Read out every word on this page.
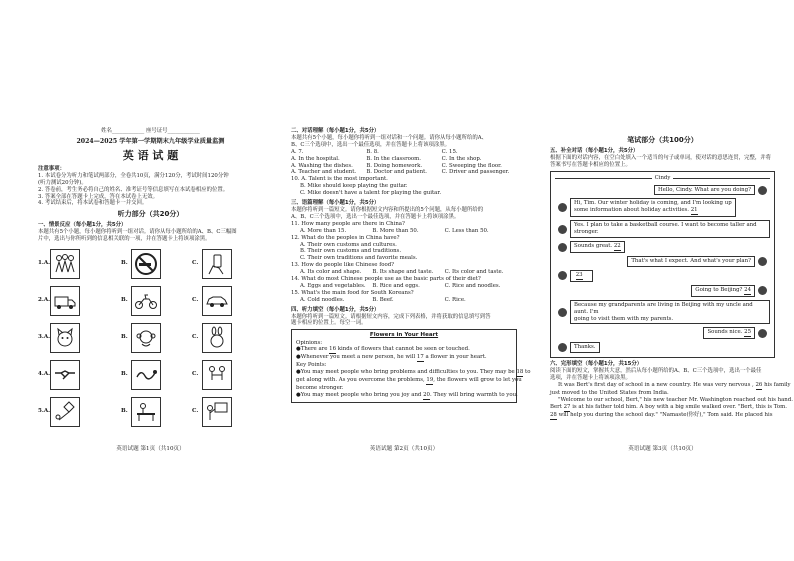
姓名____________ 座号证号____________
2024—2025 学年第一学期期末九年级学业质量监测
英 语 试 题
注意事项：
1. 本试卷分为听力和笔试两部分，全卷共10页，满分120分，考试时间120分钟
(听力测试20分钟)。
2. 答卷前，考生务必将自己的姓名、准考证号等信息填写在本试卷相应的位置。
3. 答案全部在答题卡上完成，答在本试卷上无效。
4. 考试结束后，将本试卷和答题卡一并交回。
听力部分（共20分）
一、情景反应（每小题1分，共5分）
本题共有5个小题，每小题你将听到一组对话。请你从每小题所给的A、B、C三幅图
片中，选出与你所听到的信息相关联的一项，并在答题卡上将该项涂黑。
1.A.	B.	C.
2.A.	B.	C.
3.A.	B.	C.
4.A.	B.	C.
5.A.	B.	C.
英语试题 第1页（共10页）
二、对话理解（每小题1分，共5分）
本题共有5个小题，每小题你将听到一组对话和一个问题。请你从每小题所给的A、
B、C三个选项中，选出一个最佳选项，并在答题卡上将该项涂黑。
A. 7.	B. 8.	C. 15.
A. In the hospital.	B. In the classroom.	C. In the shop.
A. Washing the dishes.	B. Doing homework.	C. Sweeping the floor.
A. Teacher and student.	B. Doctor and patient.	C. Driver and passenger.
10. A. Talent is the most important.
B. Mike should keep playing the guitar.
C. Mike doesn't have a talent for playing the guitar.
三、语篇理解（每小题1分，共5分）
本题你将听到一篇短文。请你根据短文内容和所提出的5个问题，从每小题所给的
A、B、C三个选项中，选出一个最佳选项，并在答题卡上将该项涂黑。
11. How many people are there in China?
A. More than 15.	B. More than 50.	C. Less than 50.
12. What do the peoples in China have?
A. Their own customs and cultures.
B. Their own customs and traditions.
C. Their own traditions and favorite meals.
13. How do people like Chinese food?
A. Its color and shape.	B. Its shape and taste.	C. Its color and taste.
14. What do most Chinese people use as the basic parts of their diet?
A. Eggs and vegetables.	B. Rice and eggs.	C. Rice and noodles.
15. What's the main food for South Koreans?
A. Cold noodles.	B. Beef.	C. Rice.
四、听力填空（每小题1分，共5分）
本题你将听到一篇短文。请根据短文内容，完成下列表格，并将获取的信息填写到答
题卡相应的位置上。每空一词。
Flowers in Your Heart
Opinions:
●There are 16 kinds of flowers that cannot be seen or touched.
●Whenever you meet a new person, he will 17 a flower in your heart.
Key Points:
●You may meet people who bring problems and difficulties to you. They may be 18 to
get along with. As you overcome the problems, 19, the flowers will grow to let you
become stronger.
●You may meet people who bring you joy and 20. They will bring warmth to you.
英语试题 第2页（共10页）
笔试部分（共100分）
五、补全对话（每小题1分，共5分）
根据下面的对话内容，在空白处填入一个适当的句子或单词，使对话的意思连贯，完整，并将
答案书写在答题卡相应的位置上。
Cindy
Hello, Cindy. What are you doing?
Hi, Tim. Our winter holiday is coming, and I'm looking up
some information about holiday activities. 21
Yes. I plan to take a basketball course. I want to become taller and stronger.
Sounds great. 22
That's what I expect. And what's your plan?
23
Going to Beijing? 24
Because my grandparents are living in Beijing with my uncle and aunt. I'm
going to visit them with my parents.
Sounds nice. 25
Thanks.
六、完形填空（每小题1分，共15分）
阅读下面的短文，掌握其大意，然后从每小题所给的A、B、C三个选项中，选出一个最佳
选项，并在答题卡上将该项涂黑。
It was Bert's first day of school in a new country. He was very nervous , 26 his family
just moved to the United States from India.
"Welcome to our school, Bert," his new teacher Mr. Washington reached out his hand.
Bert 27 is at his father told him. A boy with a big smile walked over. "Bert, this is Tom.
28 will help you during the school day." "Namaste(你好)," Tom said. He placed his
英语试题 第3页（共10页）
